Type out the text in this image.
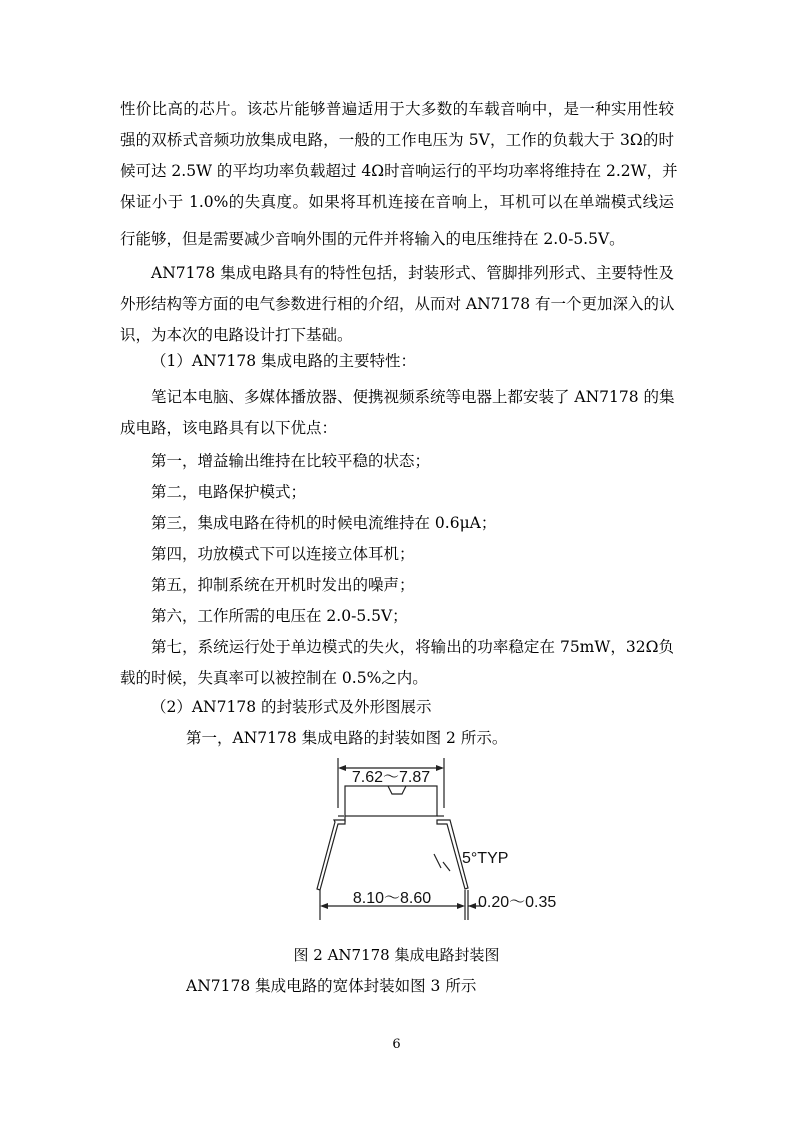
性价比高的芯片。该芯片能够普遍适用于大多数的车载音响中，是一种实用性较
强的双桥式音频功放集成电路，一般的工作电压为 5V，工作的负载大于 3Ω的时
候可达 2.5W 的平均功率负载超过 4Ω时音响运行的平均功率将维持在 2.2W，并
保证小于 1.0%的失真度。如果将耳机连接在音响上，耳机可以在单端模式线运
行能够，但是需要减少音响外围的元件并将输入的电压维持在 2.0-5.5V。
AN7178 集成电路具有的特性包括，封装形式、管脚排列形式、主要特性及
外形结构等方面的电气参数进行相的介绍，从而对 AN7178 有一个更加深入的认
识，为本次的电路设计打下基础。
（1）AN7178 集成电路的主要特性：
笔记本电脑、多媒体播放器、便携视频系统等电器上都安装了 AN7178 的集
成电路，该电路具有以下优点：
第一，增益输出维持在比较平稳的状态；
第二，电路保护模式；
第三，集成电路在待机的时候电流维持在 0.6μA；
第四，功放模式下可以连接立体耳机；
第五，抑制系统在开机时发出的噪声；
第六，工作所需的电压在 2.0-5.5V；
第七，系统运行处于单边模式的失火，将输出的功率稳定在 75mW，32Ω负
载的时候，失真率可以被控制在 0.5%之内。
（2）AN7178 的封装形式及外形图展示
第一，AN7178 集成电路的封装如图 2 所示。
7.62～7.87
5°TYP
8.10～8.60	0.20～0.35
图 2 AN7178 集成电路封装图
AN7178 集成电路的宽体封装如图 3 所示
6
